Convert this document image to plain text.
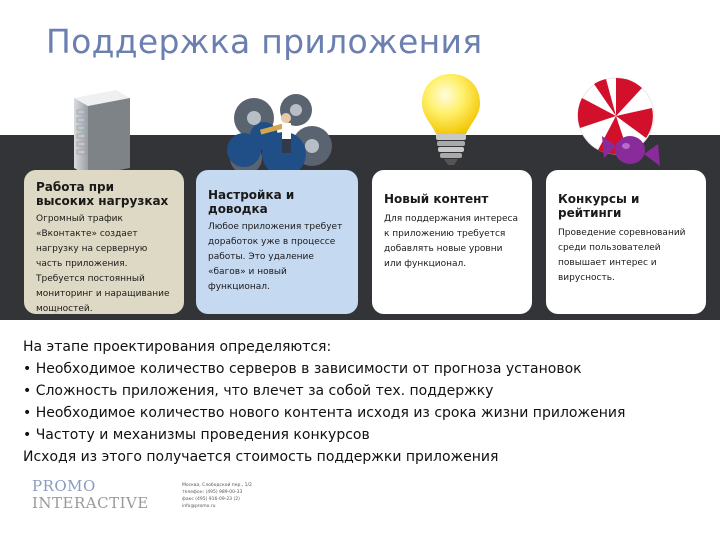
Поддержка приложения
Работа при высоких нагрузках

Огромный трафик «Вконтакте» создает нагрузку на серверную часть приложения. Требуется постоянный мониторинг и наращивание мощностей.

Настройка и доводка

Любое приложения требует доработок уже в процессе работы. Это удаление «багов» и новый функционал.

Новый контент

Для поддержания интереса к приложению требуется добавлять новые уровни или функционал.

Конкурсы и рейтинги

Проведение соревнований среди пользователей повышает интерес и вирусность.

На этапе проектирования определяются:
• Необходимое количество серверов в зависимости от прогноза установок
• Сложность приложения, что влечет за собой тех. поддержку
• Необходимое количество нового контента исходя из срока жизни приложения
• Частоту и механизмы проведения конкурсов
Исходя из этого получается стоимость поддержки приложения
PROMO
INTERACTIVE
Москва, Слободской пер., 1/2
телефон: (495) 989-00-33
факс (495) 916-09-23 (2)
info@promo.ru
